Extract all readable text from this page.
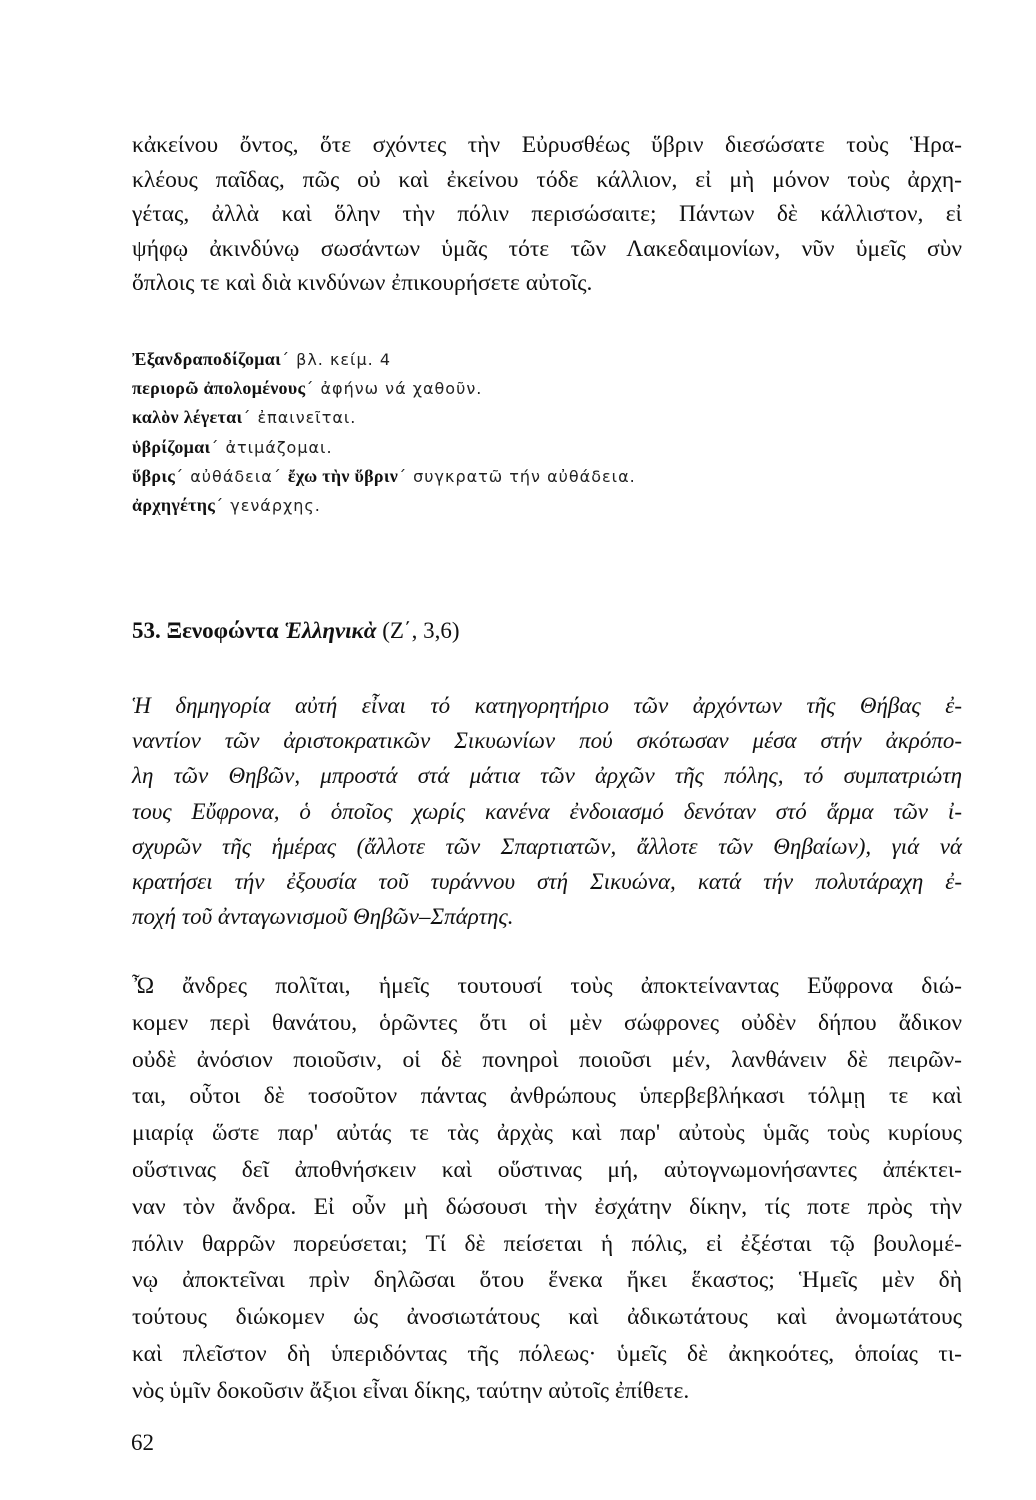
κἀκείνου ὄντος, ὅτε σχόντες τὴν Εὐρυσθέως ὕβριν διεσώσατε τοὺς Ἡρα-
κλέους παῖδας, πῶς οὐ καὶ ἐκείνου τόδε κάλλιον, εἰ μὴ μόνον τοὺς ἀρχη-
γέτας, ἀλλὰ καὶ ὅλην τὴν πόλιν περισώσαιτε; Πάντων δὲ κάλλιστον, εἰ
ψήφῳ ἀκινδύνῳ σωσάντων ὑμᾶς τότε τῶν Λακεδαιμονίων, νῦν ὑμεῖς σὺν
ὅπλοις τε καὶ διὰ κινδύνων ἐπικουρήσετε αὐτοῖς.
Ἐξανδραποδίζομαι΄ βλ. κείμ. 4
περιορῶ ἀπολομένους΄ ἀφήνω νά χαθοῦν.
καλὸν λέγεται΄ ἐπαινεῖται.
ὑβρίζομαι΄ ἀτιμάζομαι.
ὕβρις΄ αὐθάδεια΄ ἔχω τὴν ὕβριν΄ συγκρατῶ τήν αὐθάδεια.
ἀρχηγέτης΄ γενάρχης.
53. Ξενοφώντα Ἑλληνικὰ (Ζ΄, 3,6)
Ἡ δημηγορία αὐτή εἶναι τό κατηγορητήριο τῶν ἀρχόντων τῆς Θήβας ἐ-
ναντίον τῶν ἀριστοκρατικῶν Σικυωνίων πού σκότωσαν μέσα στήν ἀκρόπο-
λη τῶν Θηβῶν, μπροστά στά μάτια τῶν ἀρχῶν τῆς πόλης, τό συμπατριώτη
τους Εὔφρονα, ὁ ὁποῖος χωρίς κανένα ἐνδοιασμό δενόταν στό ἅρμα τῶν ἰ-
σχυρῶν τῆς ἡμέρας (ἄλλοτε τῶν Σπαρτιατῶν, ἄλλοτε τῶν Θηβαίων), γιά νά
κρατήσει τήν ἐξουσία τοῦ τυράννου στή Σικυώνα, κατά τήν πολυτάραχη ἐ-
ποχή τοῦ ἀνταγωνισμοῦ Θηβῶν–Σπάρτης.
Ὦ ἄνδρες πολῖται, ἡμεῖς τουτουσί τοὺς ἀποκτείναντας Εὔφρονα διώ-
κομεν περὶ θανάτου, ὁρῶντες ὅτι οἱ μὲν σώφρονες οὐδὲν δήπου ἄδικον
οὐδὲ ἀνόσιον ποιοῦσιν, οἱ δὲ πονηροὶ ποιοῦσι μέν, λανθάνειν δὲ πειρῶν-
ται, οὗτοι δὲ τοσοῦτον πάντας ἀνθρώπους ὑπερβεβλήκασι τόλμῃ τε καὶ
μιαρίᾳ ὥστε παρ' αὐτάς τε τὰς ἀρχὰς καὶ παρ' αὐτοὺς ὑμᾶς τοὺς κυρίους
οὕστινας δεῖ ἀποθνήσκειν καὶ οὕστινας μή, αὐτογνωμονήσαντες ἀπέκτει-
ναν τὸν ἄνδρα. Εἰ οὖν μὴ δώσουσι τὴν ἐσχάτην δίκην, τίς ποτε πρὸς τὴν
πόλιν θαρρῶν πορεύσεται; Τί δὲ πείσεται ἡ πόλις, εἰ ἐξέσται τῷ βουλομέ-
νῳ ἀποκτεῖναι πρὶν δηλῶσαι ὅτου ἕνεκα ἥκει ἕκαστος; Ἡμεῖς μὲν δὴ
τούτους διώκομεν ὡς ἀνοσιωτάτους καὶ ἀδικωτάτους καὶ ἀνομωτάτους
καὶ πλεῖστον δὴ ὑπεριδόντας τῆς πόλεως· ὑμεῖς δὲ ἀκηκοότες, ὁποίας τι-
νὸς ὑμῖν δοκοῦσιν ἄξιοι εἶναι δίκης, ταύτην αὐτοῖς ἐπίθετε.
62
